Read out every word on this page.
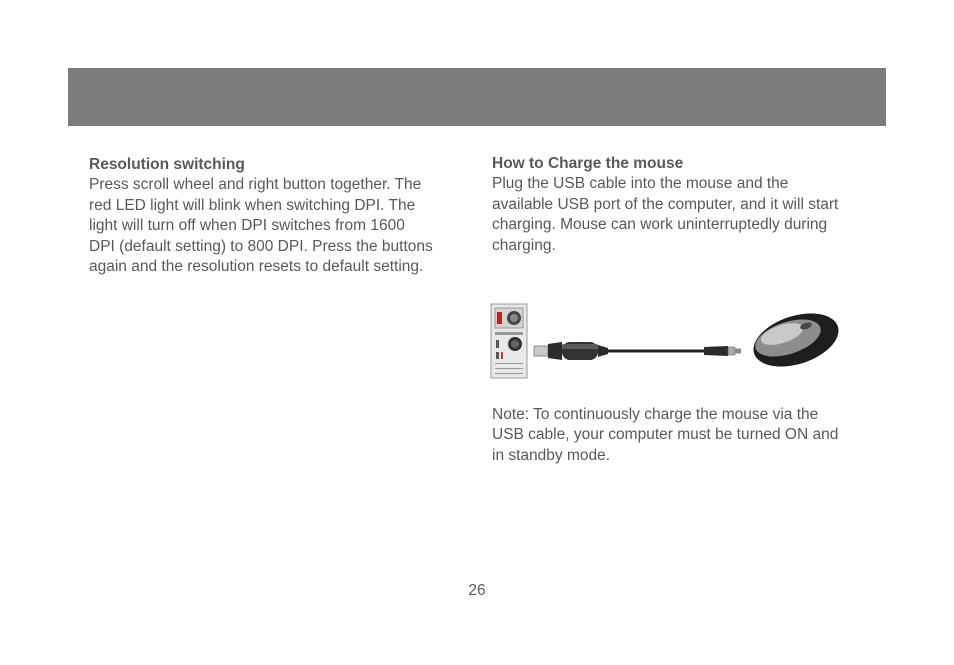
Resolution switching
Press scroll wheel and right button together. The red LED light will blink when switching DPI. The light will turn off when DPI switches from 1600 DPI (default setting) to 800 DPI. Press the buttons again and the resolution resets to default setting.
How to Charge the mouse
Plug the USB cable into the mouse and the available USB port of the computer, and it will start charging. Mouse can work uninterruptedly during charging.
Note: To continuously charge the mouse via the USB cable, your computer must be turned ON and in standby mode.
26
